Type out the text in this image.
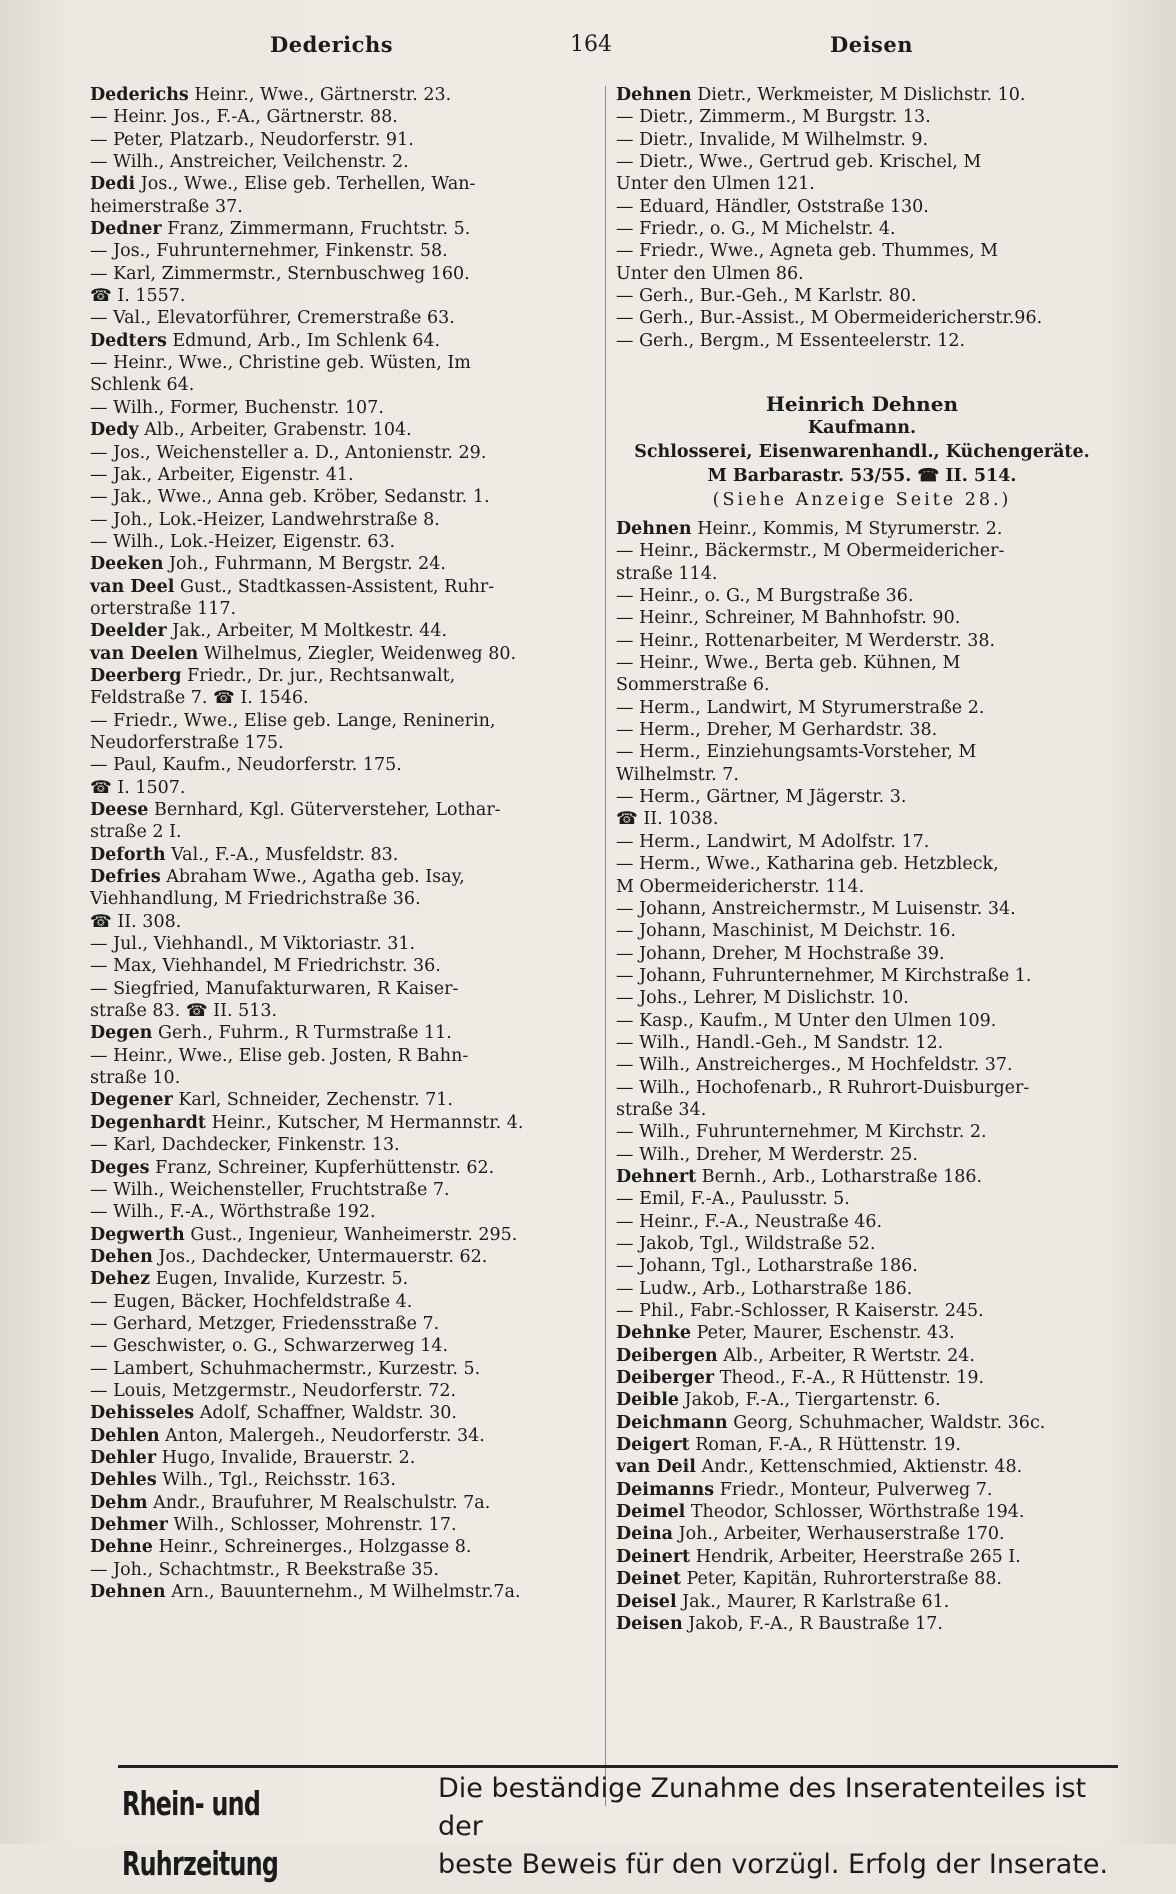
Dederichs	164	Deisen
Dederichs Heinr., Wwe., Gärtnerstr. 23.
— Heinr. Jos., F.-A., Gärtnerstr. 88.
— Peter, Platzarb., Neudorferstr. 91.
— Wilh., Anstreicher, Veilchenstr. 2.
Dedi Jos., Wwe., Elise geb. Terhellen, Wan-
heimerstraße 37.
Dedner Franz, Zimmermann, Fruchtstr. 5.
— Jos., Fuhrunternehmer, Finkenstr. 58.
— Karl, Zimmermstr., Sternbuschweg 160.
☎ I. 1557.
— Val., Elevatorführer, Cremerstraße 63.
Dedters Edmund, Arb., Im Schlenk 64.
— Heinr., Wwe., Christine geb. Wüsten, Im
Schlenk 64.
— Wilh., Former, Buchenstr. 107.
Dedy Alb., Arbeiter, Grabenstr. 104.
— Jos., Weichensteller a. D., Antonienstr. 29.
— Jak., Arbeiter, Eigenstr. 41.
— Jak., Wwe., Anna geb. Kröber, Sedanstr. 1.
— Joh., Lok.-Heizer, Landwehrstraße 8.
— Wilh., Lok.-Heizer, Eigenstr. 63.
Deeken Joh., Fuhrmann, M Bergstr. 24.
van Deel Gust., Stadtkassen-Assistent, Ruhr-
orterstraße 117.
Deelder Jak., Arbeiter, M Moltkestr. 44.
van Deelen Wilhelmus, Ziegler, Weidenweg 80.
Deerberg Friedr., Dr. jur., Rechtsanwalt,
Feldstraße 7. ☎ I. 1546.
— Friedr., Wwe., Elise geb. Lange, Reninerin,
Neudorferstraße 175.
— Paul, Kaufm., Neudorferstr. 175.
☎ I. 1507.
Deese Bernhard, Kgl. Güterversteher, Lothar-
straße 2 I.
Deforth Val., F.-A., Musfeldstr. 83.
Defries Abraham Wwe., Agatha geb. Isay,
Viehhandlung, M Friedrichstraße 36.
☎ II. 308.
— Jul., Viehhandl., M Viktoriastr. 31.
— Max, Viehhandel, M Friedrichstr. 36.
— Siegfried, Manufakturwaren, R Kaiser-
straße 83. ☎ II. 513.
Degen Gerh., Fuhrm., R Turmstraße 11.
— Heinr., Wwe., Elise geb. Josten, R Bahn-
straße 10.
Degener Karl, Schneider, Zechenstr. 71.
Degenhardt Heinr., Kutscher, M Hermannstr. 4.
— Karl, Dachdecker, Finkenstr. 13.
Deges Franz, Schreiner, Kupferhüttenstr. 62.
— Wilh., Weichensteller, Fruchtstraße 7.
— Wilh., F.-A., Wörthstraße 192.
Degwerth Gust., Ingenieur, Wanheimerstr. 295.
Dehen Jos., Dachdecker, Untermauerstr. 62.
Dehez Eugen, Invalide, Kurzestr. 5.
— Eugen, Bäcker, Hochfeldstraße 4.
— Gerhard, Metzger, Friedensstraße 7.
— Geschwister, o. G., Schwarzerweg 14.
— Lambert, Schuhmachermstr., Kurzestr. 5.
— Louis, Metzgermstr., Neudorferstr. 72.
Dehisseles Adolf, Schaffner, Waldstr. 30.
Dehlen Anton, Malergeh., Neudorferstr. 34.
Dehler Hugo, Invalide, Brauerstr. 2.
Dehles Wilh., Tgl., Reichsstr. 163.
Dehm Andr., Braufuhrer, M Realschulstr. 7a.
Dehmer Wilh., Schlosser, Mohrenstr. 17.
Dehne Heinr., Schreinerges., Holzgasse 8.
— Joh., Schachtmstr., R Beekstraße 35.
Dehnen Arn., Bauunternehm., M Wilhelmstr.7a.
Dehnen Dietr., Werkmeister, M Dislichstr. 10.
— Dietr., Zimmerm., M Burgstr. 13.
— Dietr., Invalide, M Wilhelmstr. 9.
— Dietr., Wwe., Gertrud geb. Krischel, M
Unter den Ulmen 121.
— Eduard, Händler, Oststraße 130.
— Friedr., o. G., M Michelstr. 4.
— Friedr., Wwe., Agneta geb. Thummes, M
Unter den Ulmen 86.
— Gerh., Bur.-Geh., M Karlstr. 80.
— Gerh., Bur.-Assist., M Obermeidericherstr.96.
— Gerh., Bergm., M Essenteelerstr. 12.
Heinrich Dehnen
Kaufmann.
Schlosserei, Eisenwarenhandl., Küchengeräte.
M Barbarastr. 53/55. ☎ II. 514.
(Siehe Anzeige Seite 28.)
Dehnen Heinr., Kommis, M Styrumerstr. 2.
— Heinr., Bäckermstr., M Obermeidericher-
straße 114.
— Heinr., o. G., M Burgstraße 36.
— Heinr., Schreiner, M Bahnhofstr. 90.
— Heinr., Rottenarbeiter, M Werderstr. 38.
— Heinr., Wwe., Berta geb. Kühnen, M
Sommerstraße 6.
— Herm., Landwirt, M Styrumerstraße 2.
— Herm., Dreher, M Gerhardstr. 38.
— Herm., Einziehungsamts-Vorsteher, M
Wilhelmstr. 7.
— Herm., Gärtner, M Jägerstr. 3.
☎ II. 1038.
— Herm., Landwirt, M Adolfstr. 17.
— Herm., Wwe., Katharina geb. Hetzbleck,
M Obermeidericherstr. 114.
— Johann, Anstreichermstr., M Luisenstr. 34.
— Johann, Maschinist, M Deichstr. 16.
— Johann, Dreher, M Hochstraße 39.
— Johann, Fuhrunternehmer, M Kirchstraße 1.
— Johs., Lehrer, M Dislichstr. 10.
— Kasp., Kaufm., M Unter den Ulmen 109.
— Wilh., Handl.-Geh., M Sandstr. 12.
— Wilh., Anstreicherges., M Hochfeldstr. 37.
— Wilh., Hochofenarb., R Ruhrort-Duisburger-
straße 34.
— Wilh., Fuhrunternehmer, M Kirchstr. 2.
— Wilh., Dreher, M Werderstr. 25.
Dehnert Bernh., Arb., Lotharstraße 186.
— Emil, F.-A., Paulusstr. 5.
— Heinr., F.-A., Neustraße 46.
— Jakob, Tgl., Wildstraße 52.
— Johann, Tgl., Lotharstraße 186.
— Ludw., Arb., Lotharstraße 186.
— Phil., Fabr.-Schlosser, R Kaiserstr. 245.
Dehnke Peter, Maurer, Eschenstr. 43.
Deibergen Alb., Arbeiter, R Wertstr. 24.
Deiberger Theod., F.-A., R Hüttenstr. 19.
Deible Jakob, F.-A., Tiergartenstr. 6.
Deichmann Georg, Schuhmacher, Waldstr. 36c.
Deigert Roman, F.-A., R Hüttenstr. 19.
van Deil Andr., Kettenschmied, Aktienstr. 48.
Deimanns Friedr., Monteur, Pulverweg 7.
Deimel Theodor, Schlosser, Wörthstraße 194.
Deina Joh., Arbeiter, Werhauserstraße 170.
Deinert Hendrik, Arbeiter, Heerstraße 265 I.
Deinet Peter, Kapitän, Ruhrorterstraße 88.
Deisel Jak., Maurer, R Karlstraße 61.
Deisen Jakob, F.-A., R Baustraße 17.
Rhein- und Ruhrzeitung
Die beständige Zunahme des Inseratenteiles ist der
beste Beweis für den vorzügl. Erfolg der Inserate.
